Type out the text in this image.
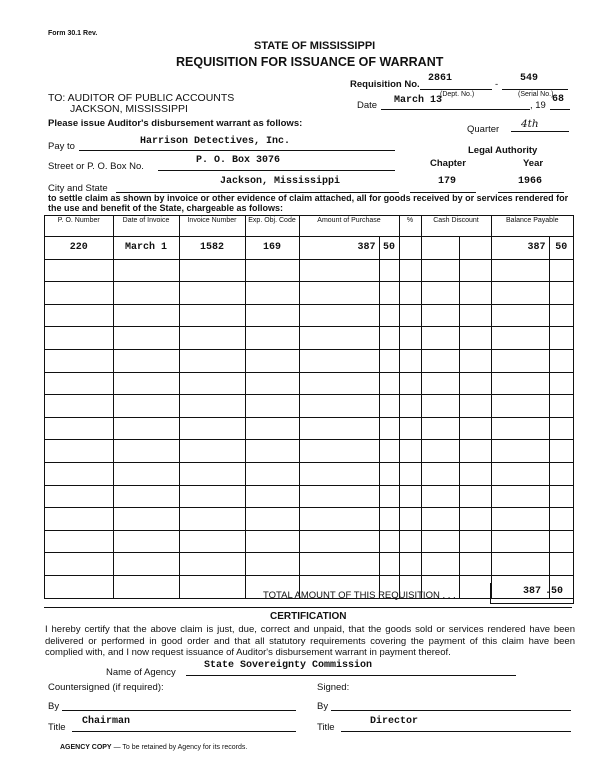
Form 30.1 Rev.
STATE OF MISSISSIPPI
REQUISITION FOR ISSUANCE OF WARRANT
Requisition No.
2861
-
549
(Dept. No.)	(Serial No.)
TO: AUDITOR OF PUBLIC ACCOUNTS
JACKSON, MISSISSIPPI
Please issue Auditor's disbursement warrant as follows:
Date March 13	, 19
68
Quarter 4th
Pay to	Harrison Detectives, Inc.
Legal Authority
Chapter	Year
Street or P. O. Box No.
P. O. Box 3076
City and State
Jackson, Mississippi	179	1966
to settle claim as shown by invoice or other evidence of claim attached, all for goods received by or services rendered for the use and benefit of the State, chargeable as follows:
P. O. Number	Date of Invoice	Invoice Number	Exp. Obj. Code	Amount of Purchase		%	Cash Discount		Balance Payable	
220	March 1	1582	169	387	50				387	50

TOTAL AMOUNT OF THIS REQUISITION . . .	387 .50
CERTIFICATION
I hereby certify that the above claim is just, due, correct and unpaid, that the goods sold or services rendered have been delivered or performed in good order and that all statutory requirements covering the payment of this claim have been complied with, and I now request issuance of Auditor's disbursement warrant in payment thereof.
Name of Agency
State Sovereignty Commission
Countersigned (if required):	Signed:
By	By
Title
Chairman
Title
Director
AGENCY COPY — To be retained by Agency for its records.
